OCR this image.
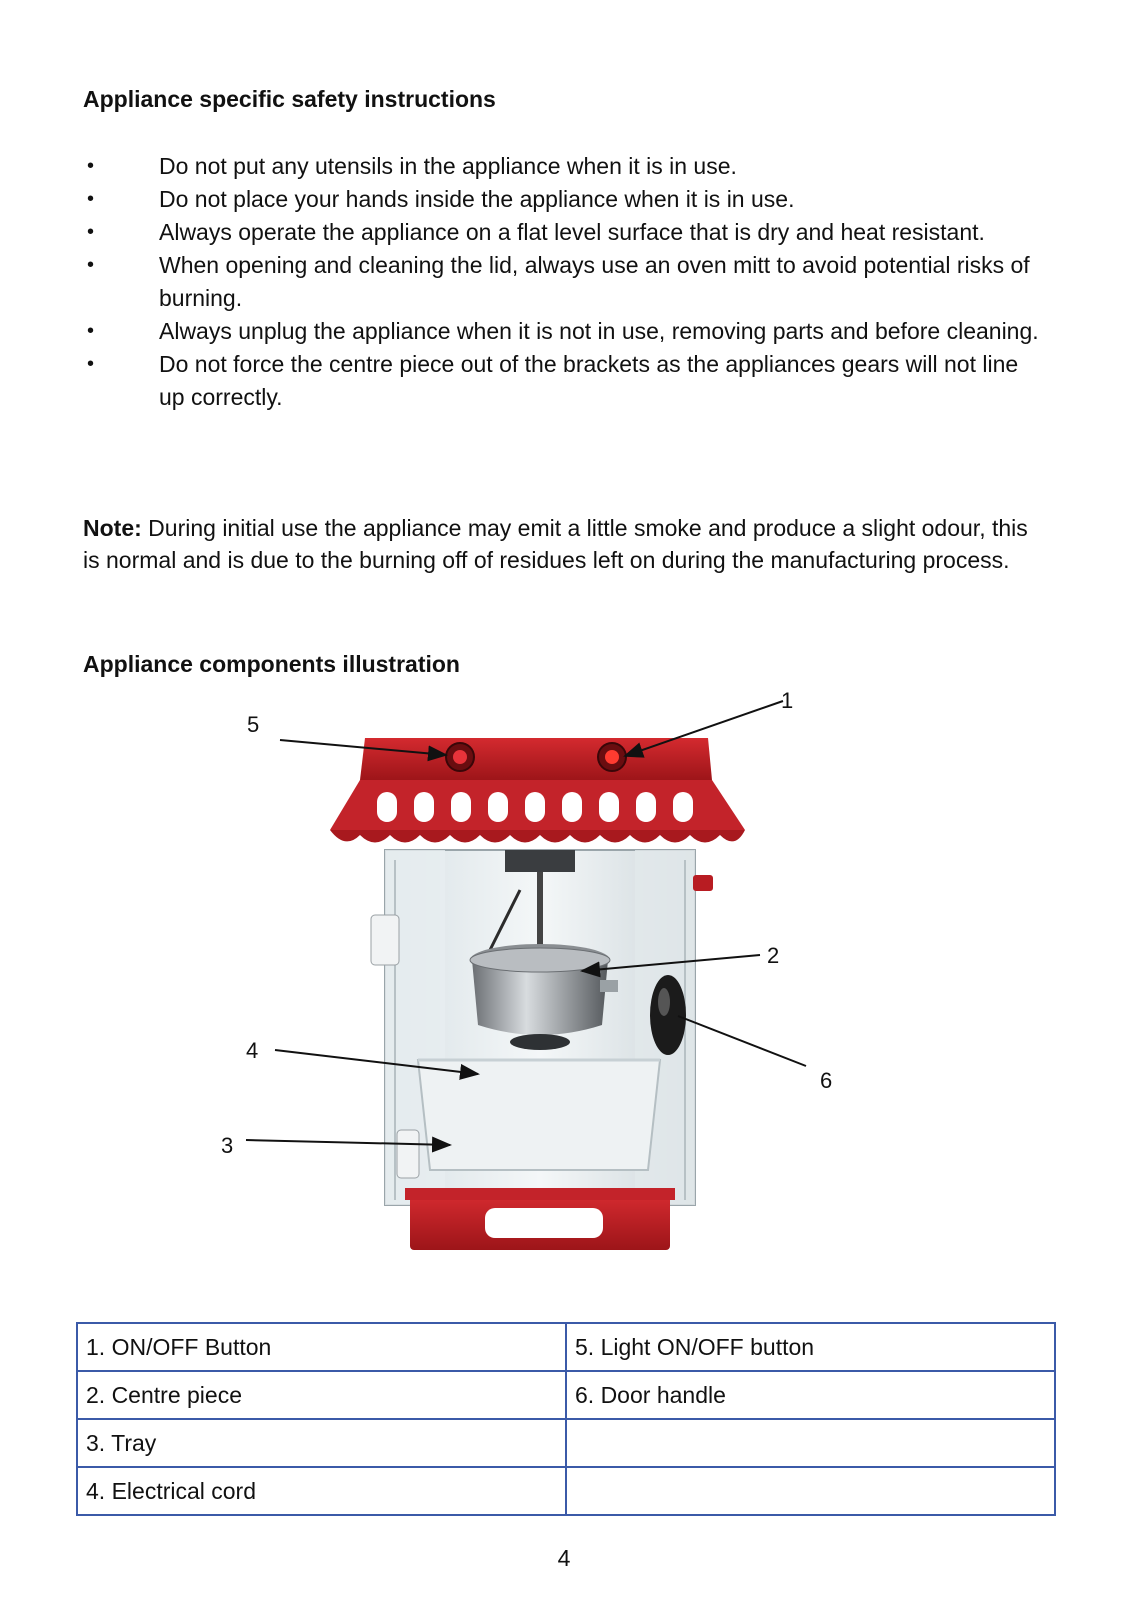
Appliance specific safety instructions
•	Do not put any utensils in the appliance when it is in use.
•	Do not place your hands inside the appliance when it is in use.
•	Always operate the appliance on a flat level surface that is dry and heat resistant.
•	When opening and cleaning the lid, always use an oven mitt to avoid potential risks of burning.
•	Always unplug the appliance when it is not in use, removing parts and before cleaning.
•	Do not force the centre piece out of the brackets as the appliances gears will not line up correctly.

Note: During initial use the appliance may emit a little smoke and produce a slight odour, this is normal and is due to the burning off of residues left on during the manufacturing process.

Appliance components illustration
1
2
3
4
5
6
1. ON/OFF Button	5. Light ON/OFF button
2. Centre piece	6. Door handle
3. Tray	
4. Electrical cord	
4
